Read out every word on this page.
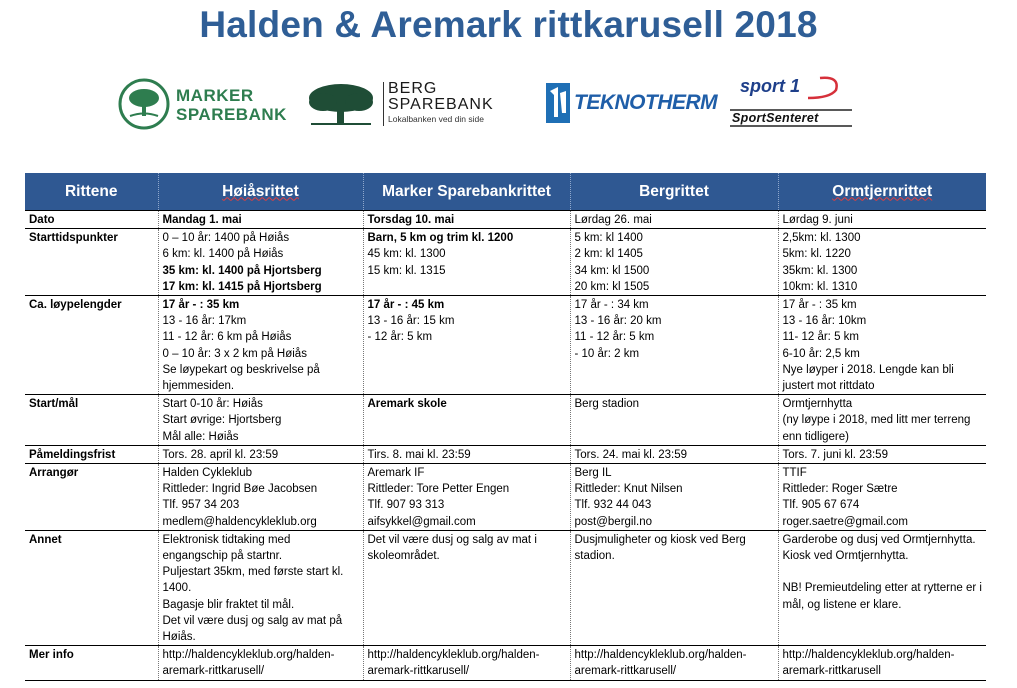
Halden & Aremark rittkarusell 2018
MARKER
SPAREBANK
BERG
SPAREBANK
Lokalbanken ved din side
TEKNOTHERM
sport 1
SportSenteret
Rittene	Høiåsrittet	Marker Sparebankrittet	Bergrittet	Ormtjernrittet
Dato	Mandag 1. mai	Torsdag 10. mai	Lørdag 26. mai	Lørdag 9. juni

Starttidspunkter	0 – 10 år: 1400 på Høiås
6 km: kl. 1400 på Høiås
35 km: kl. 1400 på Hjortsberg
17 km: kl. 1415 på Hjortsberg	Barn, 5 km og trim kl. 1200
45 km: kl. 1300
15 km: kl. 1315	5 km: kl 1400
2 km: kl 1405
34 km: kl 1500
20 km: kl 1505	2,5km: kl. 1300
5km: kl. 1220
35km: kl. 1300
10km: kl. 1310

Ca. løypelengder	17 år - : 35 km
13 - 16 år: 17km
11 - 12 år: 6 km på Høiås
0 – 10 år: 3 x 2 km på Høiås
Se løypekart og beskrivelse på hjemmesiden.	17 år - : 45 km
13 - 16 år: 15 km
- 12 år: 5 km	17 år - : 34 km
13 - 16 år: 20 km
11 - 12 år: 5 km
- 10 år: 2 km	17 år - : 35 km
13 - 16 år: 10km
11- 12 år: 5 km
6-10 år: 2,5 km
Nye løyper i 2018. Lengde kan bli justert mot rittdato

Start/mål	Start 0-10 år: Høiås
Start øvrige: Hjortsberg
Mål alle: Høiås	Aremark skole	Berg stadion	Ormtjernhytta
(ny løype i 2018, med litt mer terreng enn tidligere)

Påmeldingsfrist	Tors. 28. april kl. 23:59	Tirs. 8. mai kl. 23:59	Tors. 24. mai kl. 23:59	Tors. 7. juni kl. 23:59

Arrangør	Halden Cykleklub
Rittleder: Ingrid Bøe Jacobsen
Tlf. 957 34 203
medlem@haldencykleklub.org	Aremark IF
Rittleder: Tore Petter Engen
Tlf. 907 93 313
aifsykkel@gmail.com	Berg IL
Rittleder: Knut Nilsen
Tlf. 932 44 043
post@bergil.no	TTIF
Rittleder: Roger Sætre
Tlf. 905 67 674
roger.saetre@gmail.com

Annet	Elektronisk tidtaking med engangschip på startnr.
Puljestart 35km, med første start kl. 1400.
Bagasje blir fraktet til mål.
Det vil være dusj og salg av mat på Høiås.	Det vil være dusj og salg av mat i skoleområdet.	Dusjmuligheter og kiosk ved Berg stadion.	Garderobe og dusj ved Ormtjernhytta.
Kiosk ved Ormtjernhytta.

NB! Premieutdeling etter at rytterne er i mål, og listene er klare.

Mer info	http://haldencykleklub.org/halden-aremark-rittkarusell/	http://haldencykleklub.org/halden-aremark-rittkarusell/	http://haldencykleklub.org/halden-aremark-rittkarusell/	http://haldencykleklub.org/halden-aremark-rittkarusell
